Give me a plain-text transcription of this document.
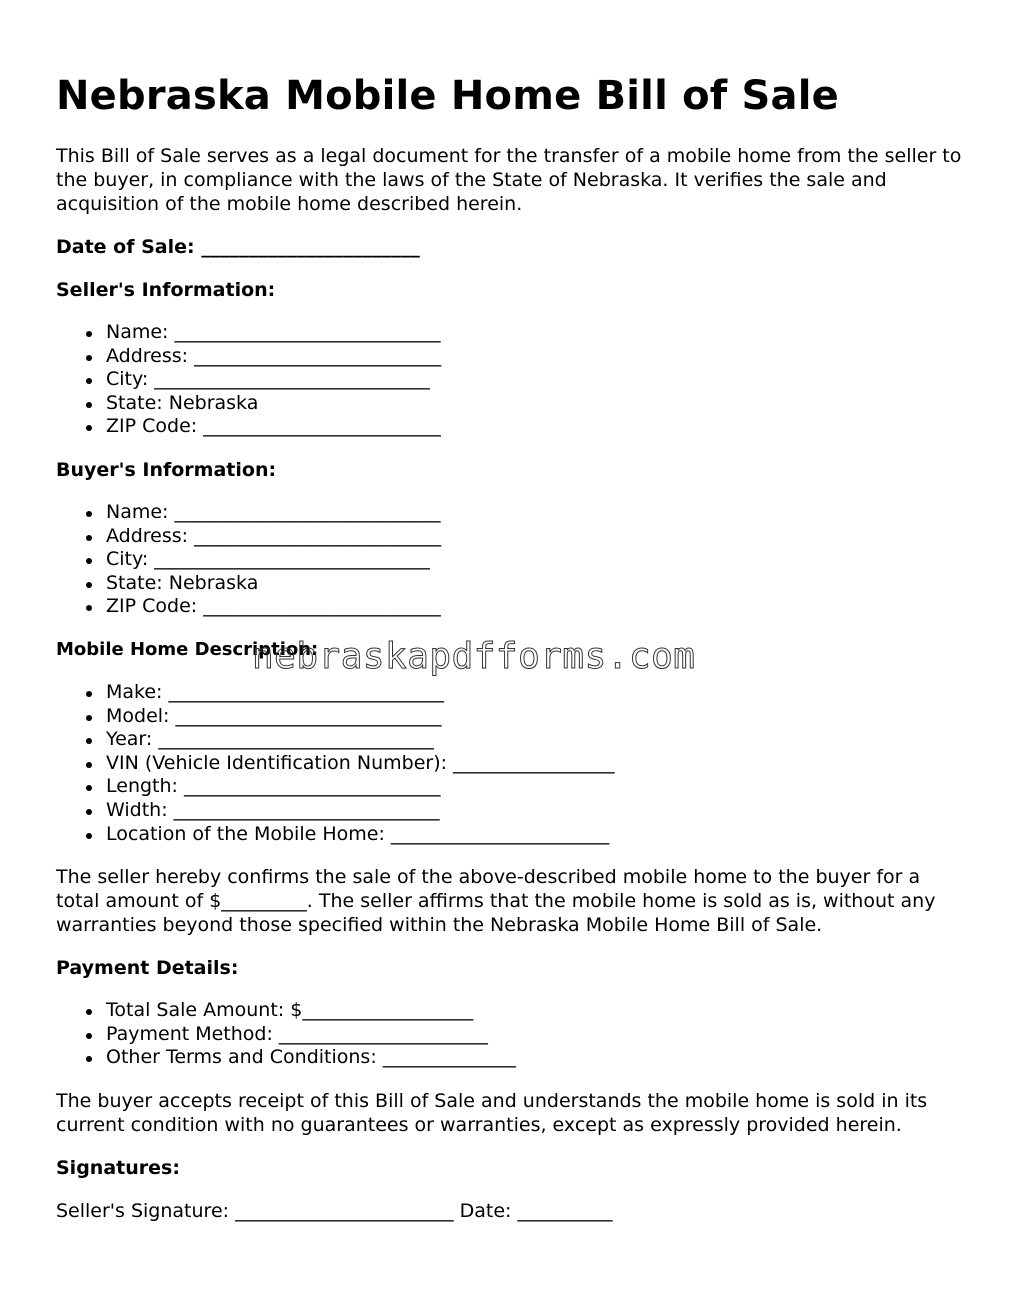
Nebraska Mobile Home Bill of Sale

This Bill of Sale serves as a legal document for the transfer of a mobile home from the seller to the buyer, in compliance with the laws of the State of Nebraska. It verifies the sale and acquisition of the mobile home described herein.

Date of Sale: _______________________
Seller's Information:
Name: ____________________________
Address: __________________________
City: _____________________________
State: Nebraska
ZIP Code: _________________________
Buyer's Information:
Name: ____________________________
Address: __________________________
City: _____________________________
State: Nebraska
ZIP Code: _________________________
Mobile Home Description:
Make: _____________________________
Model: ____________________________
Year: _____________________________
VIN (Vehicle Identification Number): _________________
Length: ___________________________
Width: ____________________________
Location of the Mobile Home: _______________________

The seller hereby confirms the sale of the above-described mobile home to the buyer for a total amount of $_________. The seller affirms that the mobile home is sold as is, without any warranties beyond those specified within the Nebraska Mobile Home Bill of Sale.

Payment Details:
Total Sale Amount: $__________________
Payment Method: ______________________
Other Terms and Conditions: ______________

The buyer accepts receipt of this Bill of Sale and understands the mobile home is sold in its current condition with no guarantees or warranties, except as expressly provided herein.

Signatures:

Seller's Signature: _______________________ Date: __________

nebraskapdfforms.com
